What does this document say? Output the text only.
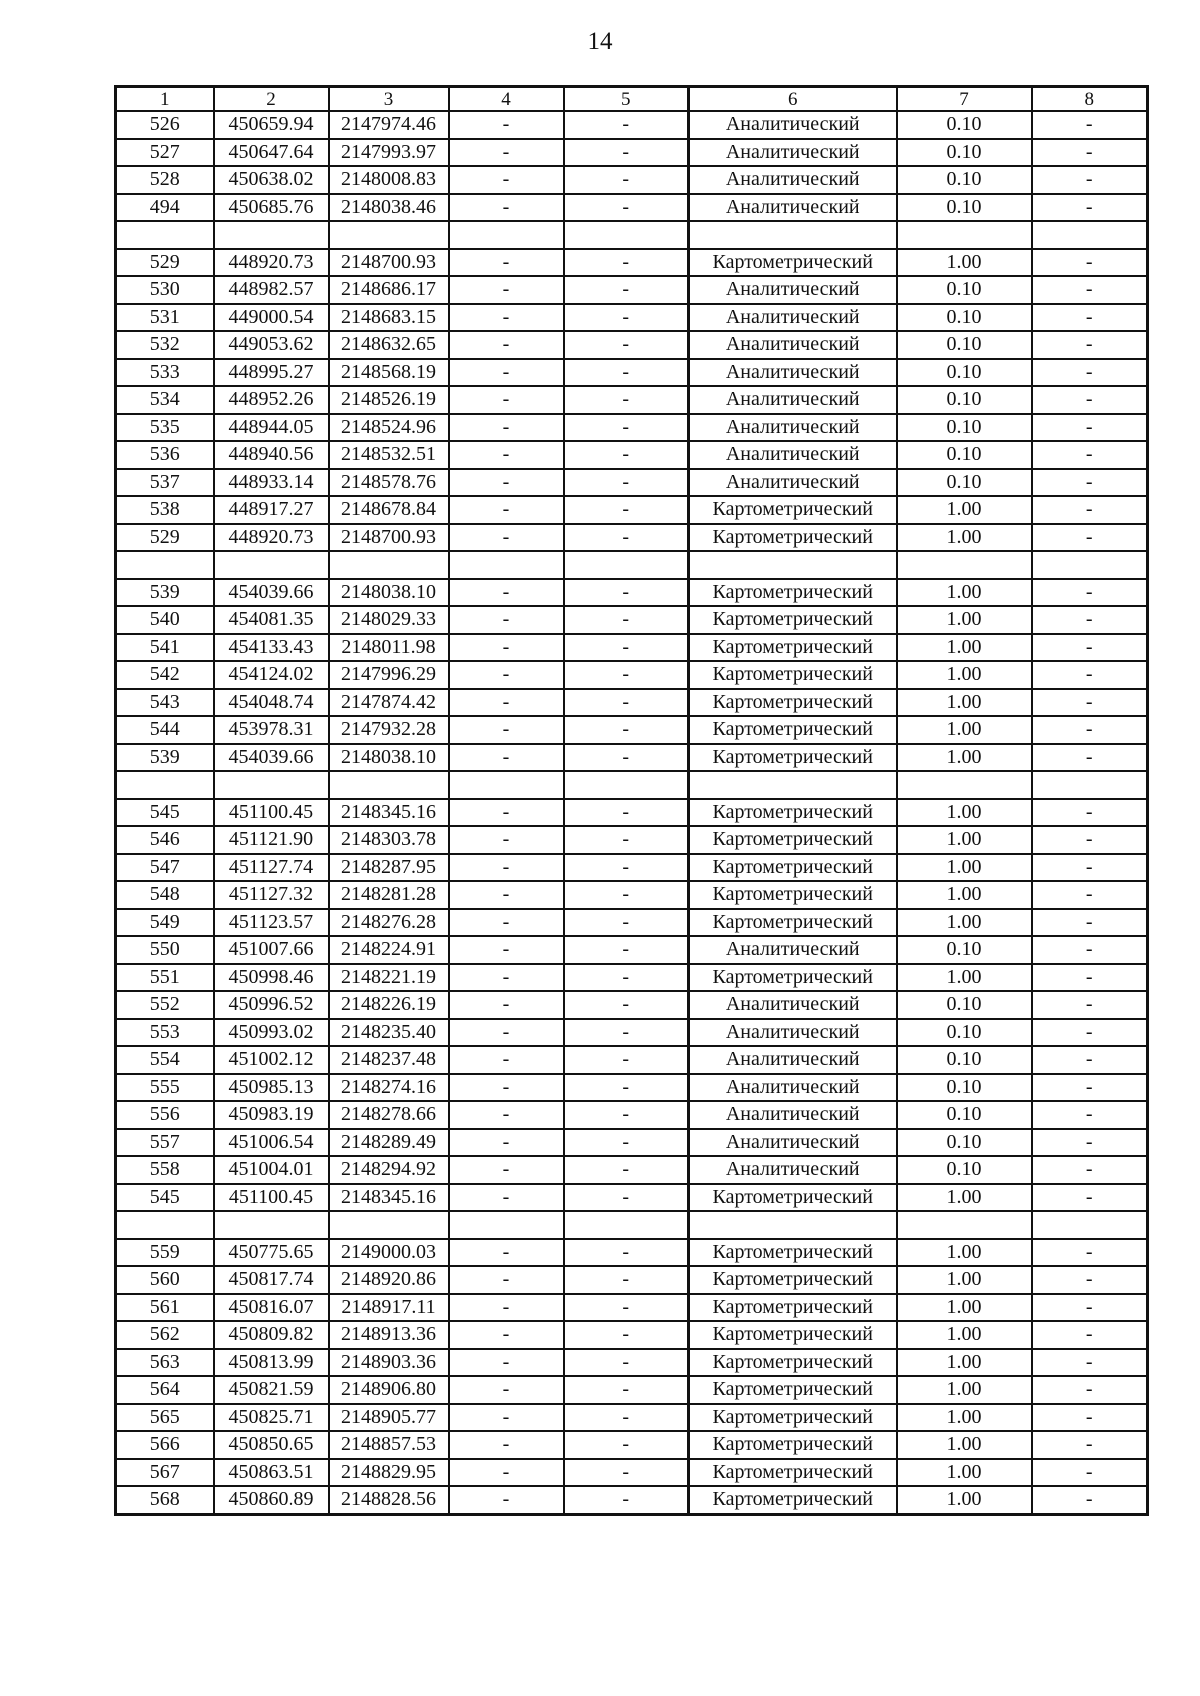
14
1	2	3	4	5	6	7	8
526	450659.94	2147974.46	-	-	Аналитический	0.10	-
527	450647.64	2147993.97	-	-	Аналитический	0.10	-
528	450638.02	2148008.83	-	-	Аналитический	0.10	-
494	450685.76	2148038.46	-	-	Аналитический	0.10	-

529	448920.73	2148700.93	-	-	Картометрический	1.00	-
530	448982.57	2148686.17	-	-	Аналитический	0.10	-
531	449000.54	2148683.15	-	-	Аналитический	0.10	-
532	449053.62	2148632.65	-	-	Аналитический	0.10	-
533	448995.27	2148568.19	-	-	Аналитический	0.10	-
534	448952.26	2148526.19	-	-	Аналитический	0.10	-
535	448944.05	2148524.96	-	-	Аналитический	0.10	-
536	448940.56	2148532.51	-	-	Аналитический	0.10	-
537	448933.14	2148578.76	-	-	Аналитический	0.10	-
538	448917.27	2148678.84	-	-	Картометрический	1.00	-
529	448920.73	2148700.93	-	-	Картометрический	1.00	-

539	454039.66	2148038.10	-	-	Картометрический	1.00	-
540	454081.35	2148029.33	-	-	Картометрический	1.00	-
541	454133.43	2148011.98	-	-	Картометрический	1.00	-
542	454124.02	2147996.29	-	-	Картометрический	1.00	-
543	454048.74	2147874.42	-	-	Картометрический	1.00	-
544	453978.31	2147932.28	-	-	Картометрический	1.00	-
539	454039.66	2148038.10	-	-	Картометрический	1.00	-

545	451100.45	2148345.16	-	-	Картометрический	1.00	-
546	451121.90	2148303.78	-	-	Картометрический	1.00	-
547	451127.74	2148287.95	-	-	Картометрический	1.00	-
548	451127.32	2148281.28	-	-	Картометрический	1.00	-
549	451123.57	2148276.28	-	-	Картометрический	1.00	-
550	451007.66	2148224.91	-	-	Аналитический	0.10	-
551	450998.46	2148221.19	-	-	Картометрический	1.00	-
552	450996.52	2148226.19	-	-	Аналитический	0.10	-
553	450993.02	2148235.40	-	-	Аналитический	0.10	-
554	451002.12	2148237.48	-	-	Аналитический	0.10	-
555	450985.13	2148274.16	-	-	Аналитический	0.10	-
556	450983.19	2148278.66	-	-	Аналитический	0.10	-
557	451006.54	2148289.49	-	-	Аналитический	0.10	-
558	451004.01	2148294.92	-	-	Аналитический	0.10	-
545	451100.45	2148345.16	-	-	Картометрический	1.00	-

559	450775.65	2149000.03	-	-	Картометрический	1.00	-
560	450817.74	2148920.86	-	-	Картометрический	1.00	-
561	450816.07	2148917.11	-	-	Картометрический	1.00	-
562	450809.82	2148913.36	-	-	Картометрический	1.00	-
563	450813.99	2148903.36	-	-	Картометрический	1.00	-
564	450821.59	2148906.80	-	-	Картометрический	1.00	-
565	450825.71	2148905.77	-	-	Картометрический	1.00	-
566	450850.65	2148857.53	-	-	Картометрический	1.00	-
567	450863.51	2148829.95	-	-	Картометрический	1.00	-
568	450860.89	2148828.56	-	-	Картометрический	1.00	-
